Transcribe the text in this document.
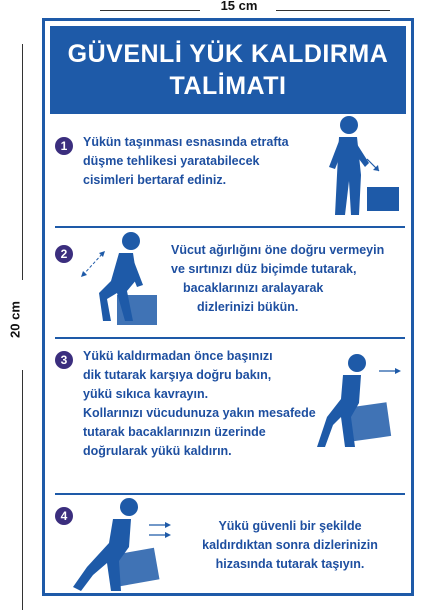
15 cm
20 cm
GÜVENLİ YÜK KALDIRMA
TALİMATI
1	Yükün taşınması esnasında etrafta
düşme tehlikesi yaratabilecek
cisimleri bertaraf ediniz.
2	Vücut ağırlığını öne doğru vermeyin
ve sırtınızı düz biçimde tutarak,
bacaklarınızı aralayarak
dizlerinizi bükün.
3	Yükü kaldırmadan önce başınızı
dik tutarak karşıya doğru bakın,
yükü sıkıca kavrayın.
Kollarınızı vücudunuza yakın mesafede
tutarak bacaklarınızın üzerinde
doğrularak yükü kaldırın.
4
Yükü güvenli bir şekilde
kaldırdıktan sonra dizlerinizin
hizasında tutarak taşıyın.
